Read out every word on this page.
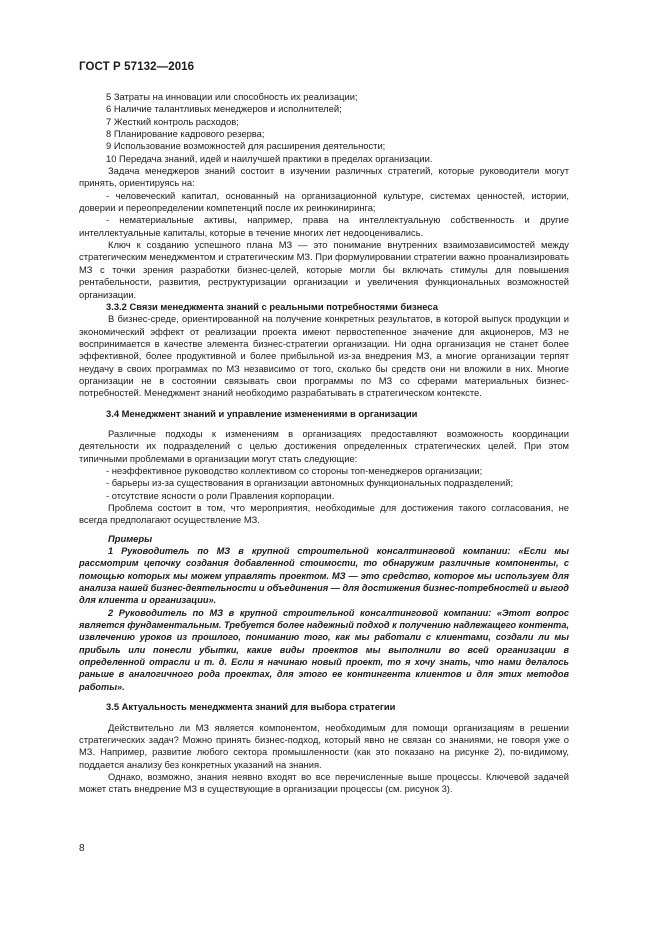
ГОСТ Р 57132—2016

5 Затраты на инновации или способность их реализации;

6 Наличие талантливых менеджеров и исполнителей;

7 Жесткий контроль расходов;

8 Планирование кадрового резерва;

9 Использование возможностей для расширения деятельности;

10 Передача знаний, идей и наилучшей практики в пределах организации.

Задача менеджеров знаний состоит в изучении различных стратегий, которые руководители могут принять, ориентируясь на:

- человеческий капитал, основанный на организационной культуре, системах ценностей, истории, доверии и переопределении компетенций после их реинжиниринга;

- нематериальные активы, например, права на интеллектуальную собственность и другие интеллектуальные капиталы, которые в течение многих лет недооценивались.

Ключ к созданию успешного плана МЗ — это понимание внутренних взаимозависимостей между стратегическим менеджментом и стратегическим МЗ. При формулировании стратегии важно проанализировать МЗ с точки зрения разработки бизнес-целей, которые могли бы включать стимулы для повышения рентабельности, развития, реструктуризации организации и увеличения функциональных возможностей организации.

3.3.2 Связи менеджмента знаний с реальными потребностями бизнеса

В бизнес-среде, ориентированной на получение конкретных результатов, в которой выпуск продукции и экономический эффект от реализации проекта имеют первостепенное значение для акционеров, МЗ не воспринимается в качестве элемента бизнес-стратегии организации. Ни одна организация не станет более эффективной, более продуктивной и более прибыльной из-за внедрения МЗ, а многие организации терпят неудачу в своих программах по МЗ независимо от того, сколько бы средств они ни вложили в них. Многие организации не в состоянии связывать свои программы по МЗ со сферами материальных бизнес-потребностей. Менеджмент знаний необходимо разрабатывать в стратегическом контексте.

3.4 Менеджмент знаний и управление изменениями в организации

Различные подходы к изменениям в организациях предоставляют возможность координации деятельности их подразделений с целью достижения определенных стратегических целей. При этом типичными проблемами в организации могут стать следующие:

- неэффективное руководство коллективом со стороны топ-менеджеров организации;

- барьеры из-за существования в организации автономных функциональных подразделений;

- отсутствие ясности о роли Правления корпорации.

Проблема состоит в том, что мероприятия, необходимые для достижения такого согласования, не всегда предполагают осуществление МЗ.

Примеры

1 Руководитель по МЗ в крупной строительной консалтинговой компании: «Если мы рассмотрим цепочку создания добавленной стоимости, то обнаружим различные компоненты, с помощью которых мы можем управлять проектом. МЗ — это средство, которое мы используем для анализа нашей бизнес-деятельности и объединения — для достижения бизнес-потребностей и выгод для клиента и организации».

2 Руководитель по МЗ в крупной строительной консалтинговой компании: «Этот вопрос является фундаментальным. Требуется более надежный подход к получению надлежащего контента, извлечению уроков из прошлого, пониманию того, как мы работали с клиентами, создали ли мы прибыль или понесли убытки, какие виды проектов мы выполнили во всей организации в определенной отрасли и т. д. Если я начинаю новый проект, то я хочу знать, что нами делалось раньше в аналогичного рода проектах, для этого ее контингента клиентов и для этих методов работы».

3.5 Актуальность менеджмента знаний для выбора стратегии

Действительно ли МЗ является компонентом, необходимым для помощи организациям в решении стратегических задач? Можно принять бизнес-подход, который явно не связан со знаниями, не говоря уже о МЗ. Например, развитие любого сектора промышленности (как это показано на рисунке 2), по-видимому, поддается анализу без конкретных указаний на знания.

Однако, возможно, знания неявно входят во все перечисленные выше процессы. Ключевой задачей может стать внедрение МЗ в существующие в организации процессы (см. рисунок 3).

8
